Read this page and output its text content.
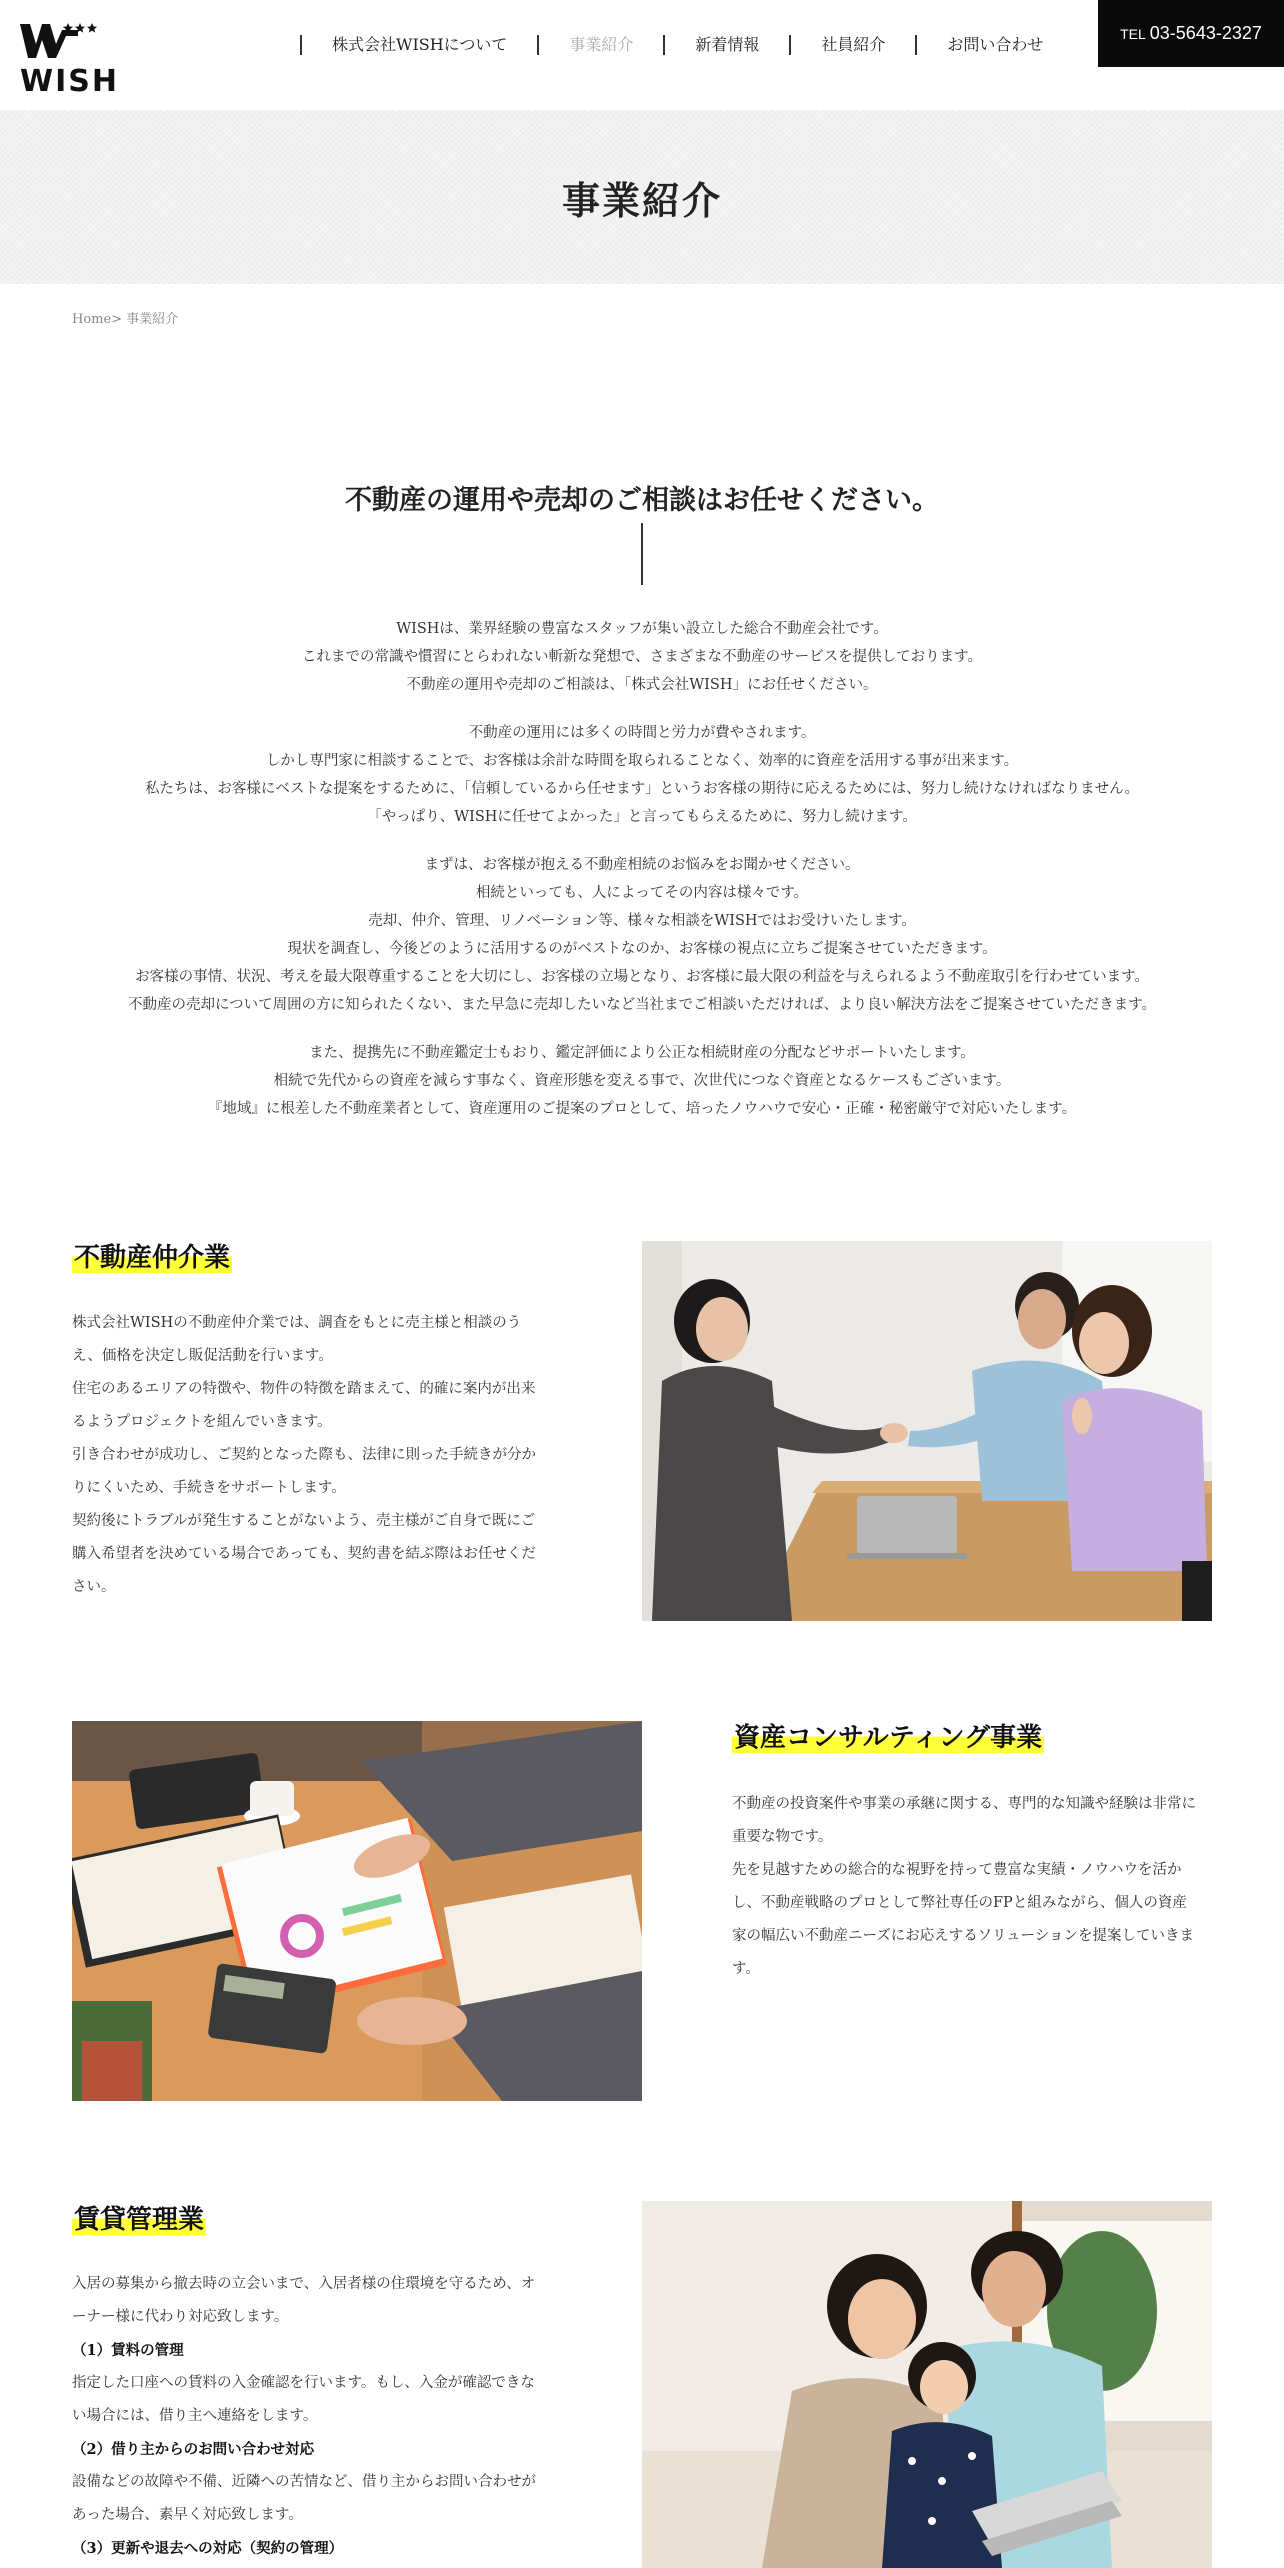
WISH
株式会社WISHについて	事業紹介	新着情報	社員紹介	お問い合わせ
TEL 03-5643-2327
事業紹介
Home> 事業紹介
不動産の運用や売却のご相談はお任せください。
WISHは、業界経験の豊富なスタッフが集い設立した総合不動産会社です。
これまでの常識や慣習にとらわれない斬新な発想で、さまざまな不動産のサービスを提供しております。
不動産の運用や売却のご相談は、「株式会社WISH」にお任せください。
不動産の運用には多くの時間と労力が費やされます。
しかし専門家に相談することで、お客様は余計な時間を取られることなく、効率的に資産を活用する事が出来ます。
私たちは、お客様にベストな提案をするために、「信頼しているから任せます」というお客様の期待に応えるためには、努力し続けなければなりません。
「やっぱり、WISHに任せてよかった」と言ってもらえるために、努力し続けます。
まずは、お客様が抱える不動産相続のお悩みをお聞かせください。
相続といっても、人によってその内容は様々です。
売却、仲介、管理、リノベーション等、様々な相談をWISHではお受けいたします。
現状を調査し、今後どのように活用するのがベストなのか、お客様の視点に立ちご提案させていただきます。
お客様の事情、状況、考えを最大限尊重することを大切にし、お客様の立場となり、お客様に最大限の利益を与えられるよう不動産取引を行わせています。
不動産の売却について周囲の方に知られたくない、また早急に売却したいなど当社までご相談いただければ、より良い解決方法をご提案させていただきます。
また、提携先に不動産鑑定士もおり、鑑定評価により公正な相続財産の分配などサポートいたします。
相続で先代からの資産を減らす事なく、資産形態を変える事で、次世代につなぐ資産となるケースもございます。
『地域』に根差した不動産業者として、資産運用のご提案のプロとして、培ったノウハウで安心・正確・秘密厳守で対応いたします。
不動産仲介業

株式会社WISHの不動産仲介業では、調査をもとに売主様と相談のう

え、価格を決定し販促活動を行います。

住宅のあるエリアの特徴や、物件の特徴を踏まえて、的確に案内が出来

るようプロジェクトを組んでいきます。

引き合わせが成功し、ご契約となった際も、法律に則った手続きが分か

りにくいため、手続きをサポートします。

契約後にトラブルが発生することがないよう、売主様がご自身で既にご

購入希望者を決めている場合であっても、契約書を結ぶ際はお任せくだ

さい。

資産コンサルティング事業

不動産の投資案件や事業の承継に関する、専門的な知識や経験は非常に

重要な物です。

先を見越すための総合的な視野を持って豊富な実績・ノウハウを活か

し、不動産戦略のプロとして弊社専任のFPと組みながら、個人の資産

家の幅広い不動産ニーズにお応えするソリューションを提案していきま

す。

賃貸管理業

入居の募集から撤去時の立会いまで、入居者様の住環境を守るため、オ

ーナー様に代わり対応致します。

（1）賃料の管理

指定した口座への賃料の入金確認を行います。もし、入金が確認できな

い場合には、借り主へ連絡をします。

（2）借り主からのお問い合わせ対応

設備などの故障や不備、近隣への苦情など、借り主からお問い合わせが

あった場合、素早く対応致します。

（3）更新や退去への対応（契約の管理）
